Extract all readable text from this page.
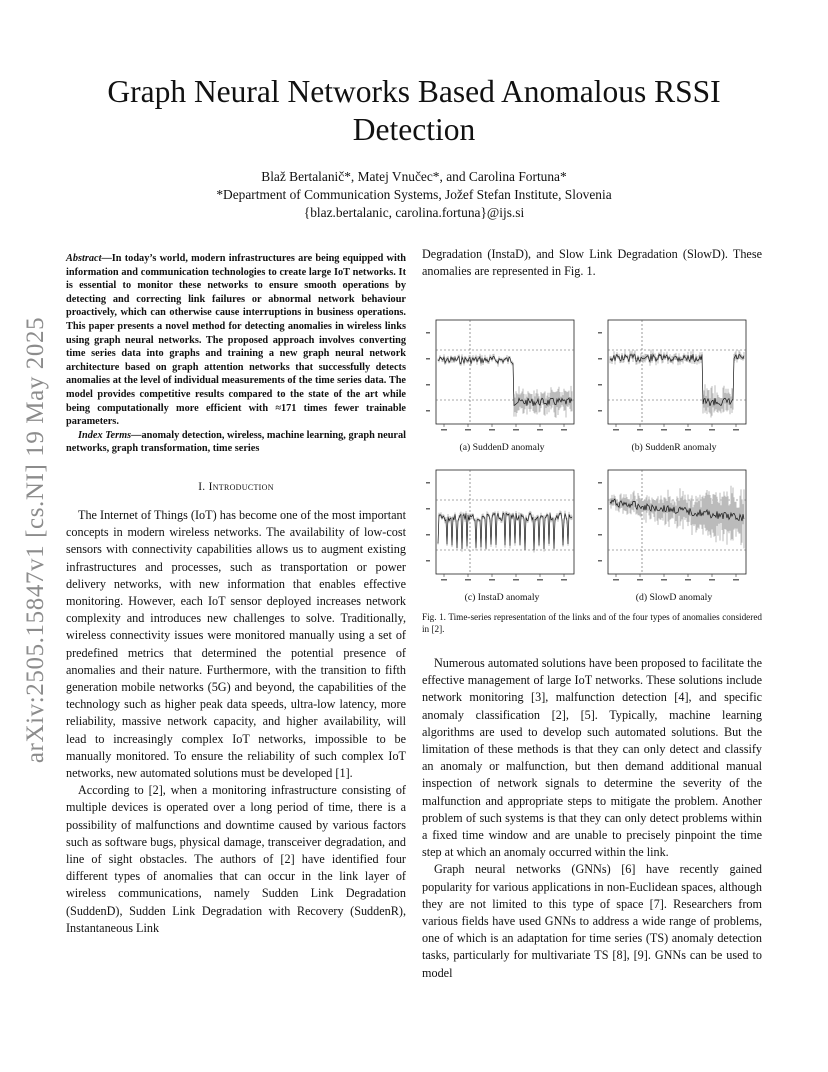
arXiv:2505.15847v1 [cs.NI] 19 May 2025
Graph Neural Networks Based Anomalous RSSI Detection
Blaž Bertalanič*, Matej Vnučec*, and Carolina Fortuna*
*Department of Communication Systems, Jožef Stefan Institute, Slovenia
{blaz.bertalanic, carolina.fortuna}@ijs.si

Abstract—In today’s world, modern infrastructures are being equipped with information and communication technologies to create large IoT networks. It is essential to monitor these networks to ensure smooth operations by detecting and correcting link failures or abnormal network behaviour proactively, which can otherwise cause interruptions in business operations. This paper presents a novel method for detecting anomalies in wireless links using graph neural networks. The proposed approach involves converting time series data into graphs and training a new graph neural network architecture based on graph attention networks that successfully detects anomalies at the level of individual measurements of the time series data. The model provides competitive results compared to the state of the art while being computationally more efficient with ≈171 times fewer trainable parameters.

Index Terms—anomaly detection, wireless, machine learning, graph neural networks, graph transformation, time series

I. Introduction

The Internet of Things (IoT) has become one of the most important concepts in modern wireless networks. The availability of low-cost sensors with connectivity capabilities allows us to augment existing infrastructures and processes, such as transportation or power delivery networks, with new information that enables effective monitoring. However, each IoT sensor deployed increases network complexity and introduces new challenges to solve. Traditionally, wireless connectivity issues were monitored manually using a set of predefined metrics that determined the potential presence of anomalies and their nature. Furthermore, with the transition to fifth generation mobile networks (5G) and beyond, the capabilities of the technology such as higher peak data speeds, ultra-low latency, more reliability, massive network capacity, and higher availability, will lead to increasingly complex IoT networks, impossible to be manually monitored. To ensure the reliability of such complex IoT networks, new automated solutions must be developed [1].

According to [2], when a monitoring infrastructure consisting of multiple devices is operated over a long period of time, there is a possibility of malfunctions and downtime caused by various factors such as software bugs, physical damage, transceiver degradation, and line of sight obstacles. The authors of [2] have identified four different types of anomalies that can occur in the link layer of wireless communications, namely Sudden Link Degradation (SuddenD), Sudden Link Degradation with Recovery (SuddenR), Instantaneous Link

Degradation (InstaD), and Slow Link Degradation (SlowD). These anomalies are represented in Fig. 1.

(a) SuddenD anomaly	(b) SuddenR anomaly
(c) InstaD anomaly	(d) SlowD anomaly
Fig. 1. Time-series representation of the links and of the four types of anomalies considered in [2].

Numerous automated solutions have been proposed to facilitate the effective management of large IoT networks. These solutions include network monitoring [3], malfunction detection [4], and specific anomaly classification [2], [5]. Typically, machine learning algorithms are used to develop such automated solutions. But the limitation of these methods is that they can only detect and classify an anomaly or malfunction, but then demand additional manual inspection of network signals to determine the severity of the malfunction and appropriate steps to mitigate the problem. Another problem of such systems is that they can only detect problems within a fixed time window and are unable to precisely pinpoint the time step at which an anomaly occurred within the link.

Graph neural networks (GNNs) [6] have recently gained popularity for various applications in non-Euclidean spaces, although they are not limited to this type of space [7]. Researchers from various fields have used GNNs to address a wide range of problems, one of which is an adaptation for time series (TS) anomaly detection tasks, particularly for multivariate TS [8], [9]. GNNs can be used to model
